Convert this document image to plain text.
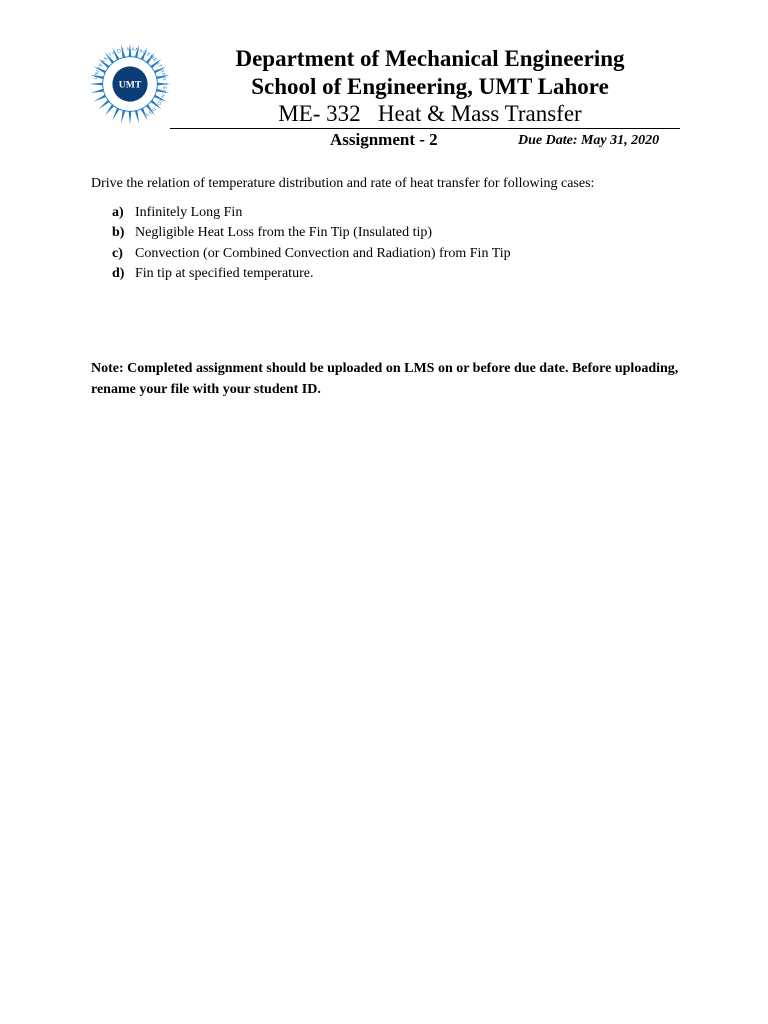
UMT
UNIVERSITY OF MANAGEMENT AND TECHNOLOGY
Department of Mechanical Engineering
School of Engineering, UMT Lahore
ME- 332   Heat & Mass Transfer
Assignment - 2	Due Date: May 31, 2020
Drive the relation of temperature distribution and rate of heat transfer for following cases:
a) Infinitely Long Fin
b) Negligible Heat Loss from the Fin Tip (Insulated tip)
c) Convection (or Combined Convection and Radiation) from Fin Tip
d) Fin tip at specified temperature.
Note: Completed assignment should be uploaded on LMS on or before due date. Before uploading, rename your file with your student ID.
